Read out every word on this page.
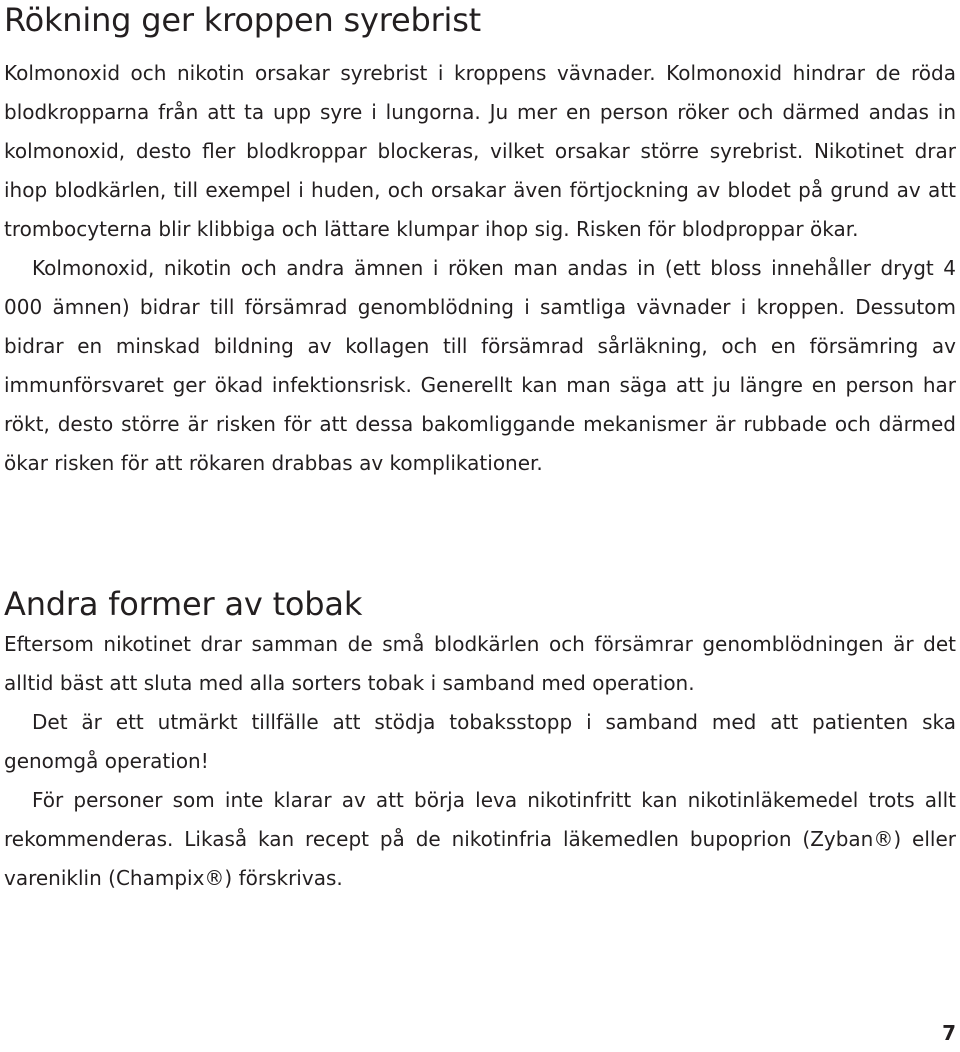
Rökning ger kroppen syrebrist

Kolmonoxid och nikotin orsakar syrebrist i kroppens vävnader. Kolmonoxid hindrar de röda blodkropparna från att ta upp syre i lungorna. Ju mer en person röker och därmed andas in kolmonoxid, desto fler blodkroppar blockeras, vilket orsakar större syrebrist. Nikotinet drar ihop blodkärlen, till exempel i huden, och orsakar även förtjockning av blodet på grund av att trombocyterna blir klibbiga och lättare klumpar ihop sig. Risken för blodproppar ökar.

Kolmonoxid, nikotin och andra ämnen i röken man andas in (ett bloss innehåller drygt 4 000 ämnen) bidrar till försämrad genomblödning i samtliga vävnader i kroppen. Dessutom bidrar en minskad bildning av kollagen till försämrad sårläkning, och en försämring av immunförsvaret ger ökad infektionsrisk. Generellt kan man säga att ju längre en person har rökt, desto större är risken för att dessa bakomliggande mekanismer är rubbade och därmed ökar risken för att rökaren drabbas av komplikationer.

Andra former av tobak

Eftersom nikotinet drar samman de små blodkärlen och försämrar genomblödningen är det alltid bäst att sluta med alla sorters tobak i samband med operation.

Det är ett utmärkt tillfälle att stödja tobaksstopp i samband med att patienten ska genomgå operation!

För personer som inte klarar av att börja leva nikotinfritt kan nikotinläkemedel trots allt rekommenderas. Likaså kan recept på de nikotinfria läkemedlen bupoprion (Zyban®) eller vareniklin (Champix®) förskrivas.

7
